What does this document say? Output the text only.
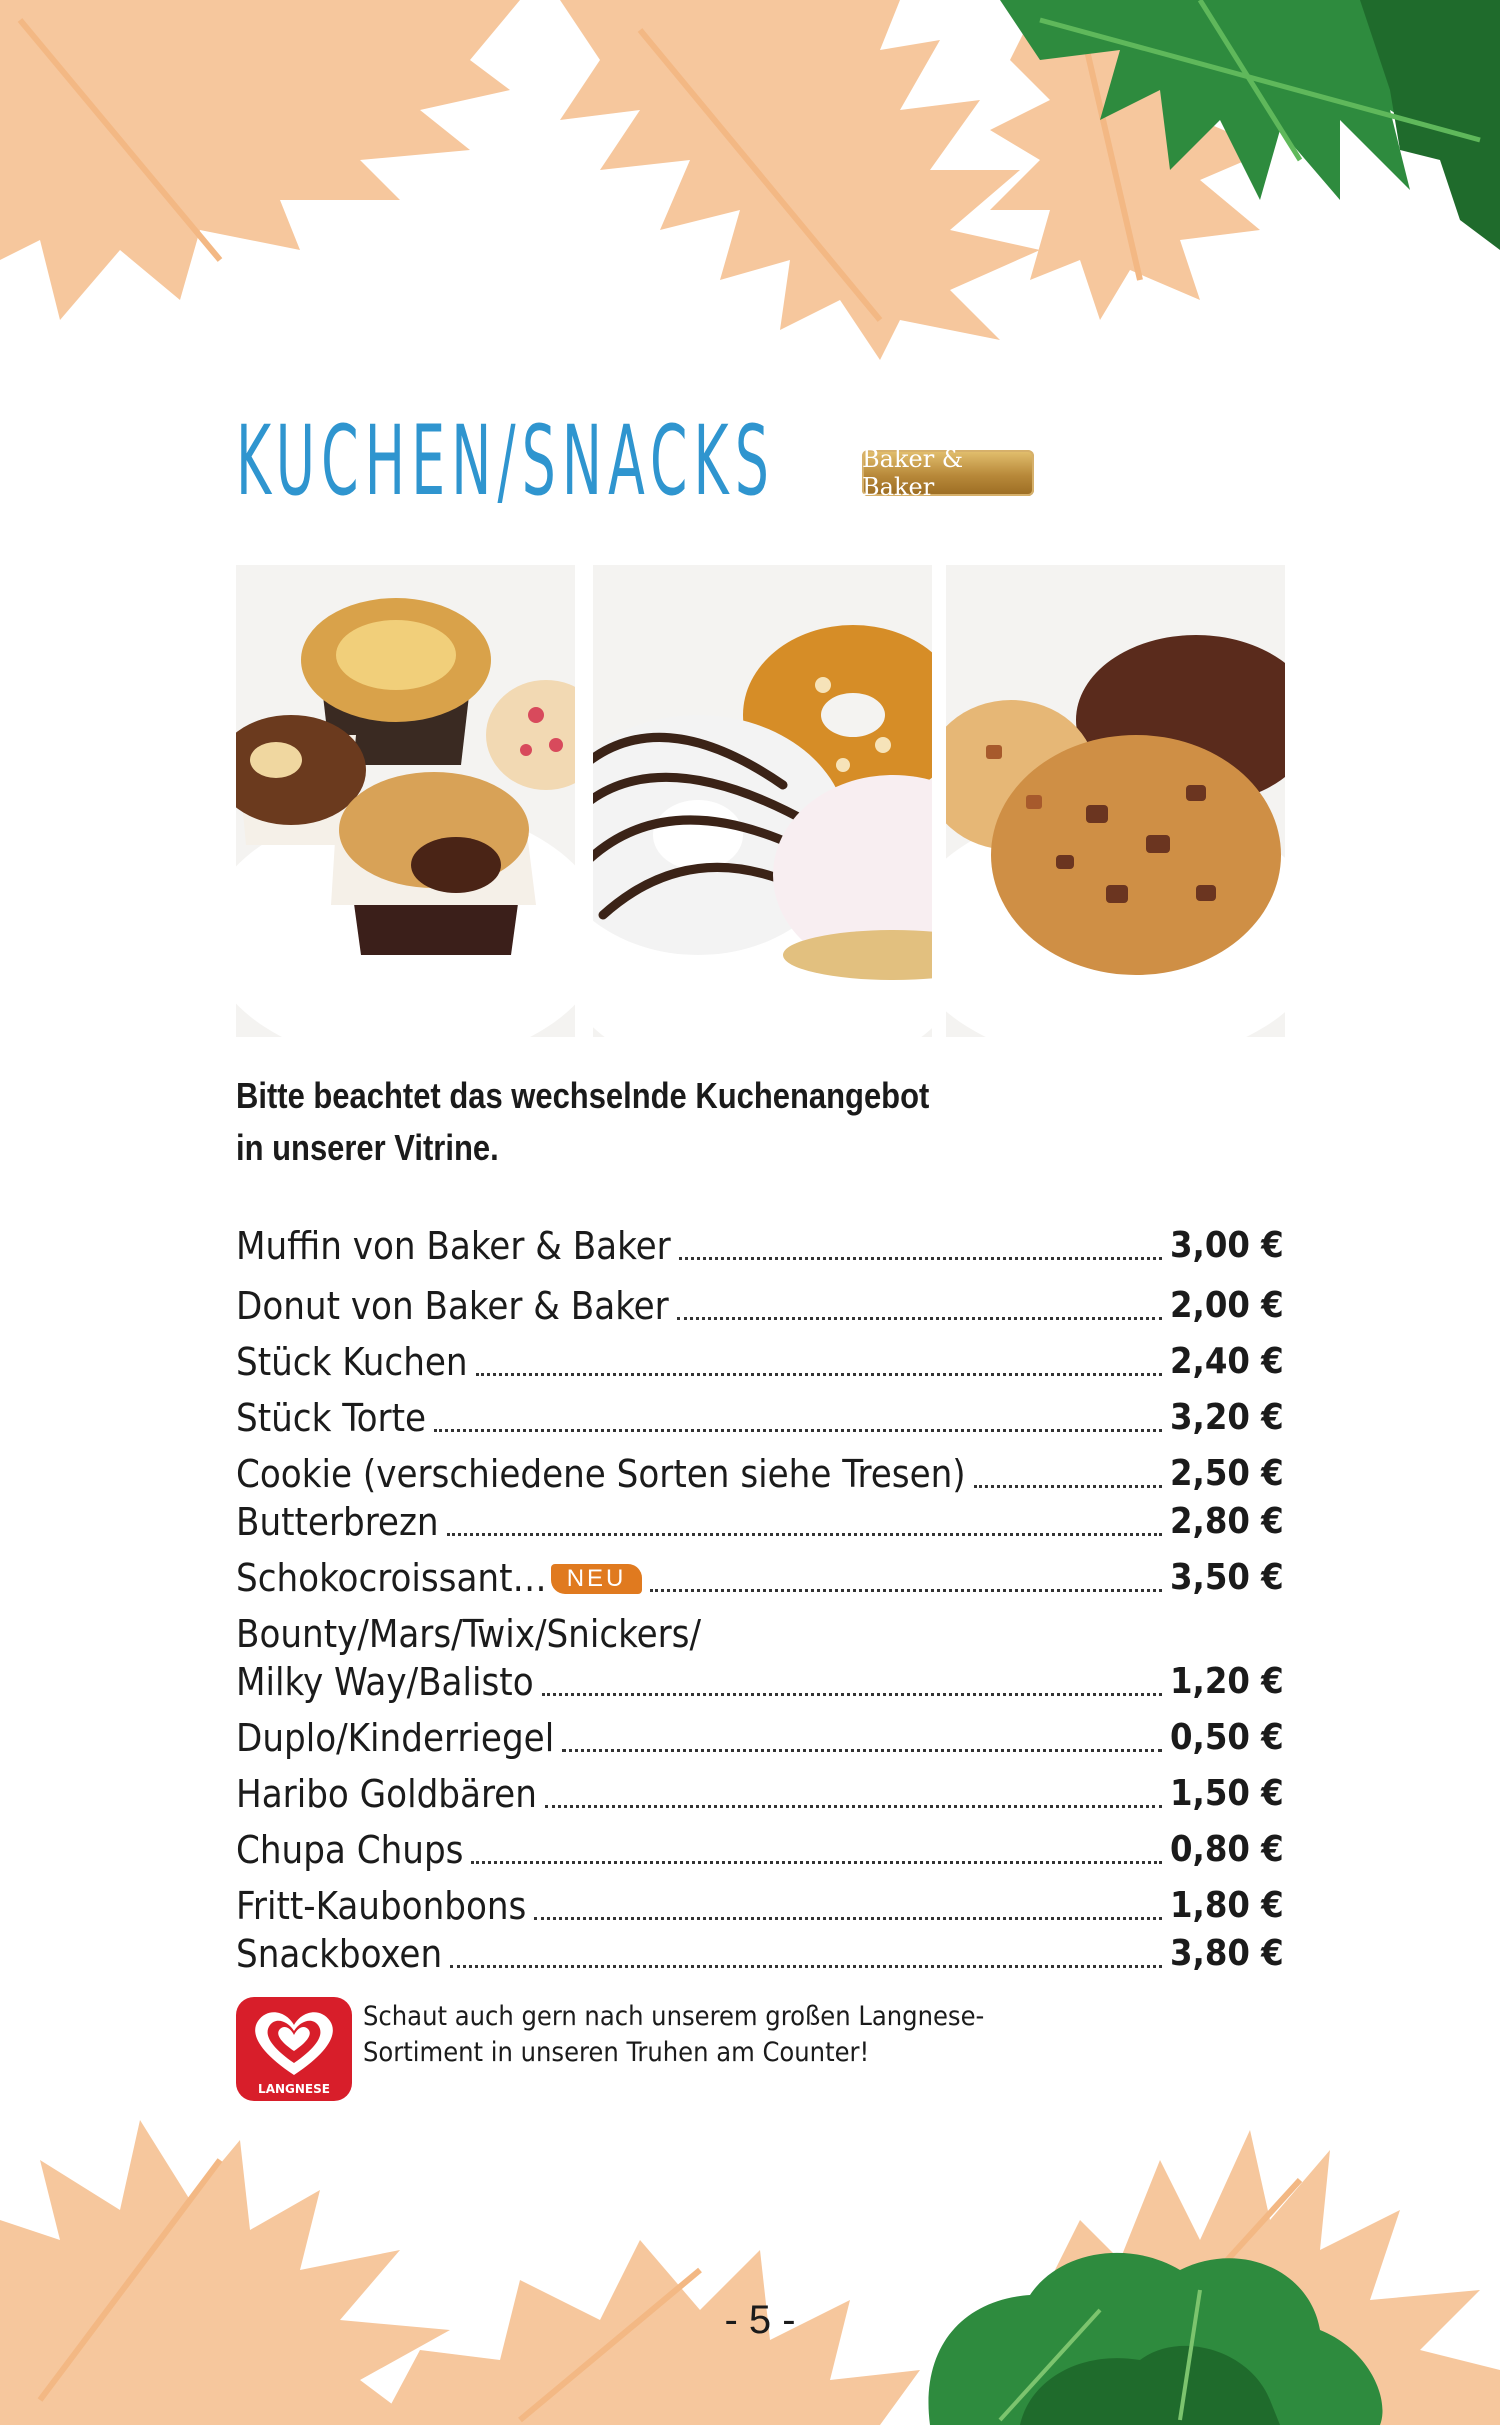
KUCHEN/SNACKS	Baker & Baker

Bitte beachtet das wechselnde Kuchenangebot
in unserer Vitrine.

Muffin von Baker & Baker	3,00 €
Donut von Baker & Baker	2,00 €
Stück Kuchen	2,40 €
Stück Torte	3,20 €
Cookie (verschiedene Sorten siehe Tresen)	2,50 €
Butterbrezn	2,80 €
Schokocroissant… NEU	3,50 €
Bounty/Mars/Twix/Snickers/
Milky Way/Balisto	1,20 €
Duplo/Kinderriegel	0,50 €
Haribo Goldbären	1,50 €
Chupa Chups	0,80 €
Fritt-Kaubonbons	1,80 €
Snackboxen	3,80 €
LANGNESE

Schaut auch gern nach unserem großen Langnese-
Sortiment in unseren Truhen am Counter!

- 5 -
